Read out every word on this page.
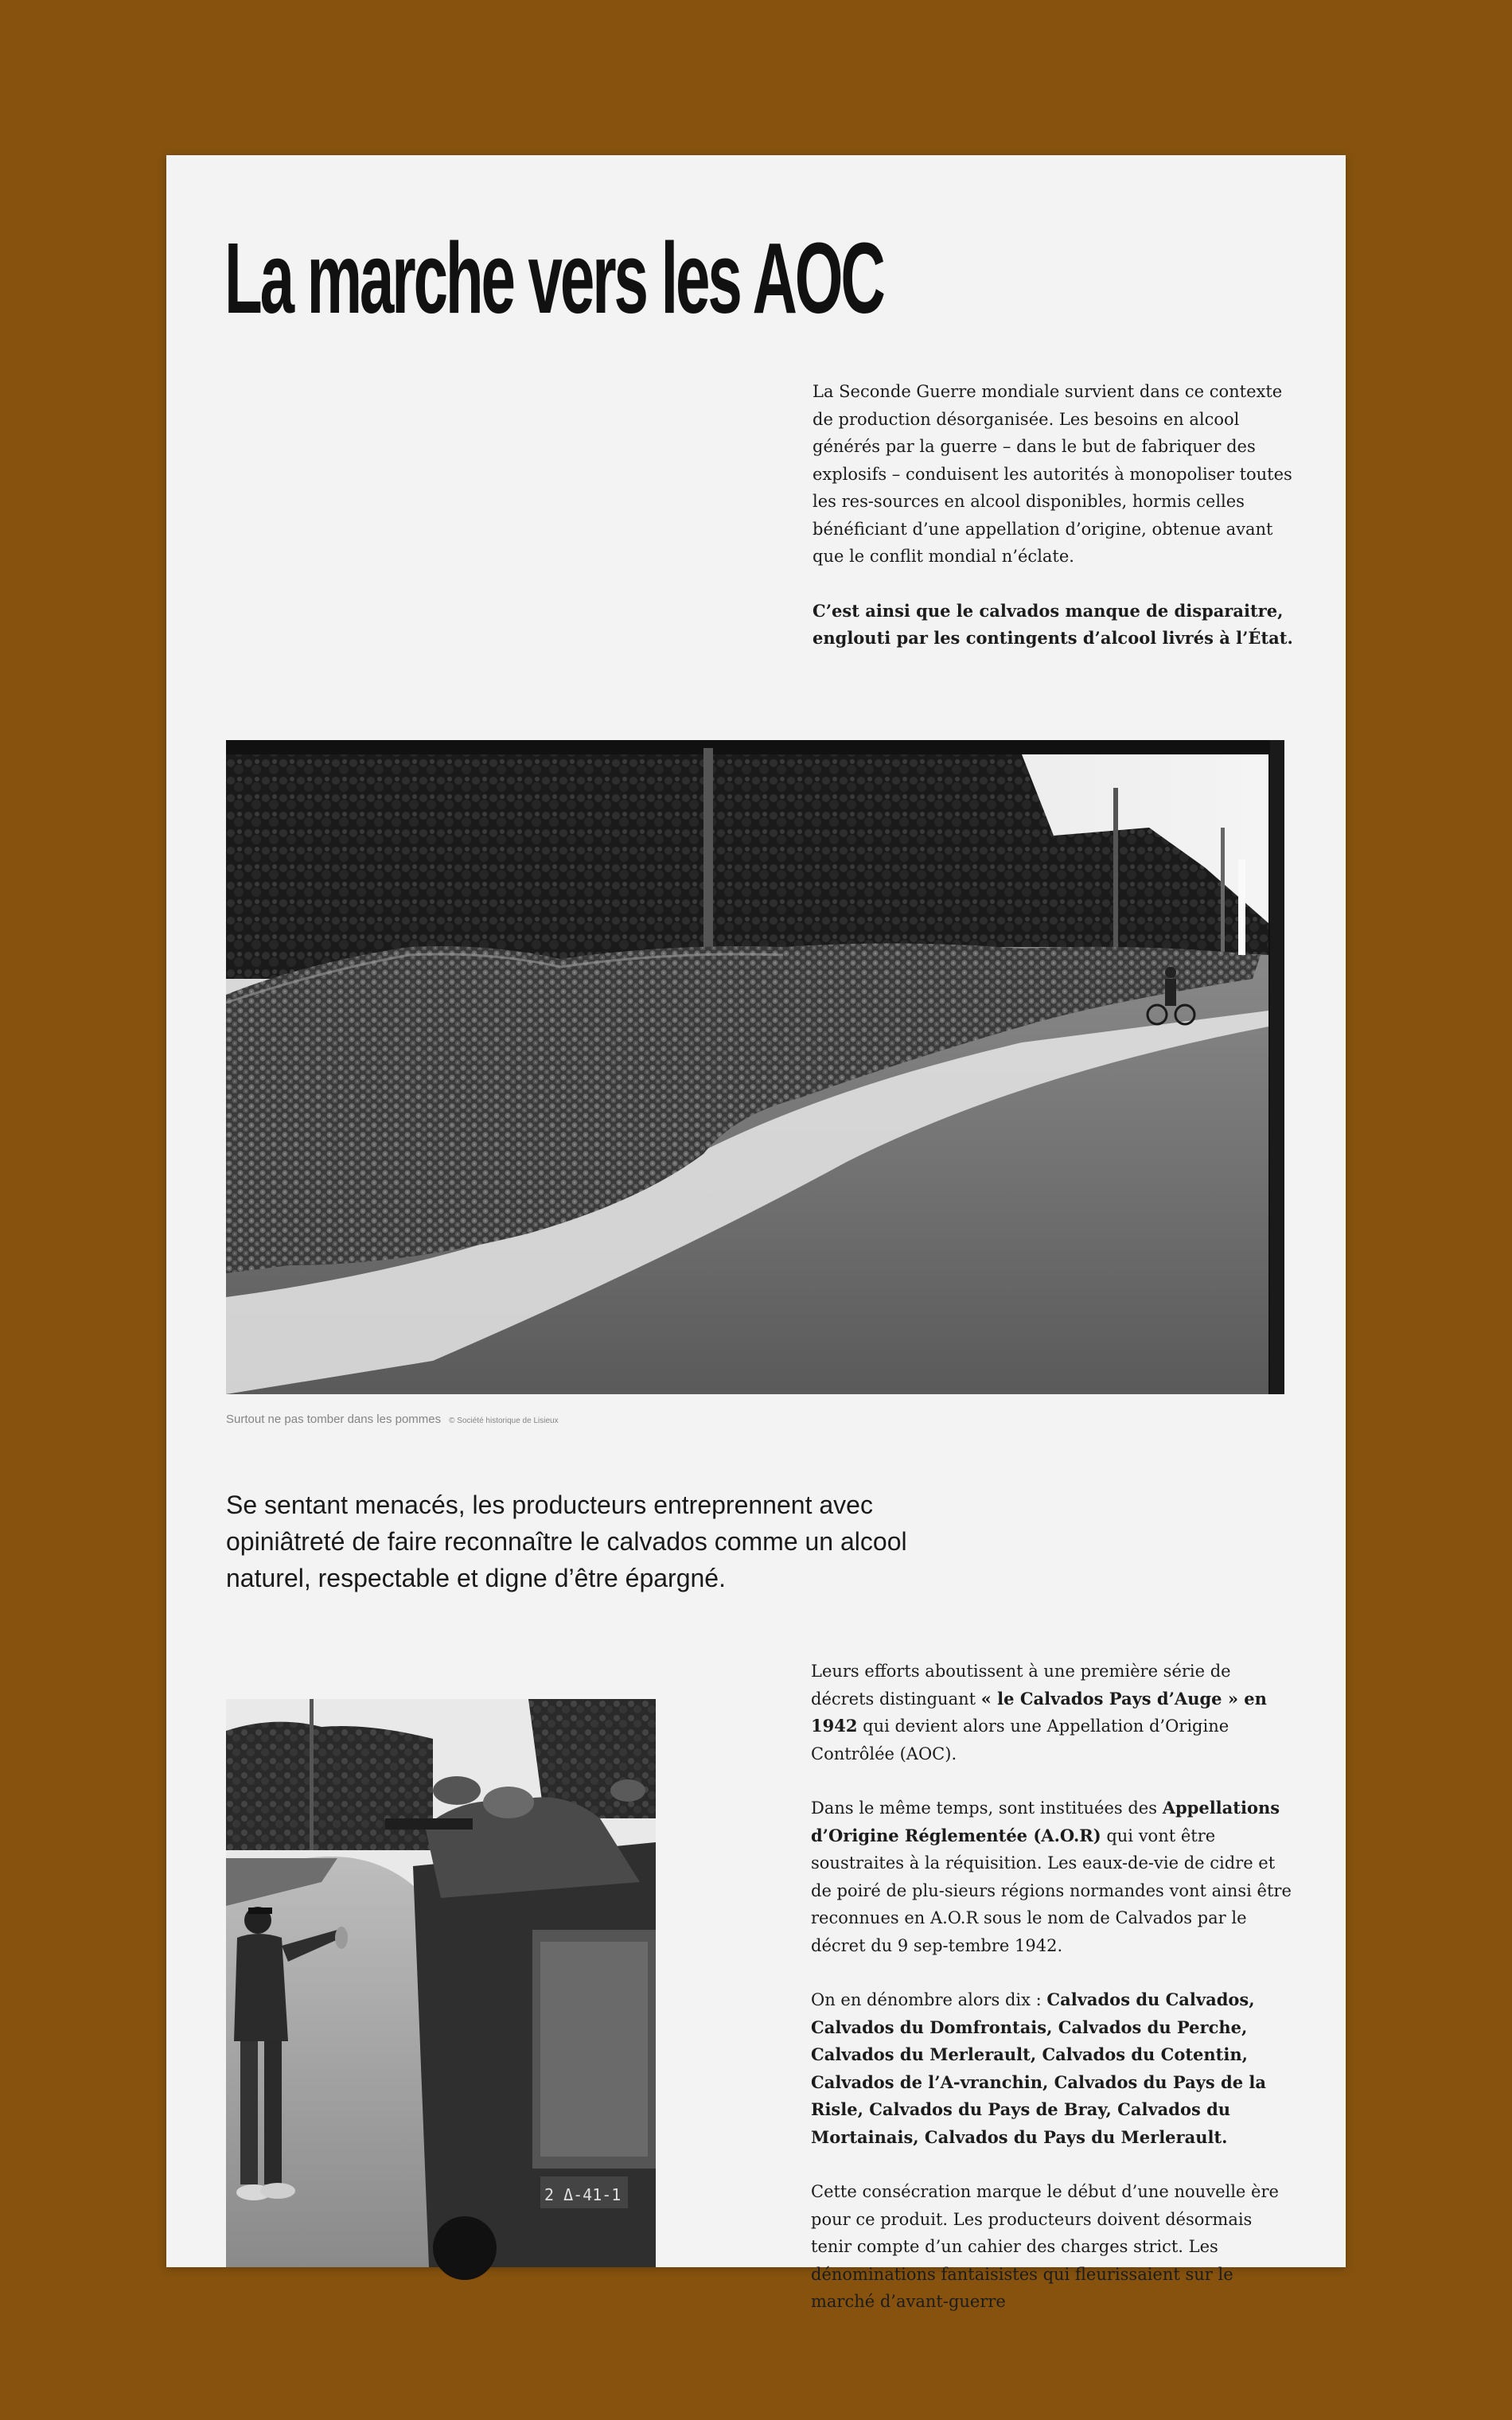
La marche vers les AOC

La Seconde Guerre mondiale survient dans ce contexte de production désorganisée. Les besoins en alcool générés par la guerre – dans le but de fabriquer des explosifs – conduisent les autorités à monopoliser toutes les res-sources en alcool disponibles, hormis celles bénéficiant d’une appellation d’origine, obtenue avant que le conflit mondial n’éclate.

C’est ainsi que le calvados manque de disparaitre, englouti par les contingents d’alcool livrés à l’État.

Surtout ne pas tomber dans les pommes © Société historique de Lisieux

Se sentant menacés, les producteurs entreprennent avec opiniâtreté de faire reconnaître le calvados comme un alcool naturel, respectable et digne d’être épargné.

2 Δ-41-1

Leurs efforts aboutissent à une première série de décrets distinguant « le Calvados Pays d’Auge » en 1942 qui devient alors une Appellation d’Origine Contrôlée (AOC).

Dans le même temps, sont instituées des Appellations d’Origine Réglementée (A.O.R) qui vont être soustraites à la réquisition. Les eaux-de-vie de cidre et de poiré de plu-sieurs régions normandes vont ainsi être reconnues en A.O.R sous le nom de Calvados par le décret du 9 sep-tembre 1942.

On en dénombre alors dix : Calvados du Calvados, Calvados du Domfrontais, Calvados du Perche, Calvados du Merlerault, Calvados du Cotentin, Calvados de l’A-vranchin, Calvados du Pays de la Risle, Calvados du Pays de Bray, Calvados du Mortainais, Calvados du Pays du Merlerault.

Cette consécration marque le début d’une nouvelle ère pour ce produit. Les producteurs doivent désormais tenir compte d’un cahier des charges strict. Les dénominations fantaisistes qui fleurissaient sur le marché d’avant-guerre
